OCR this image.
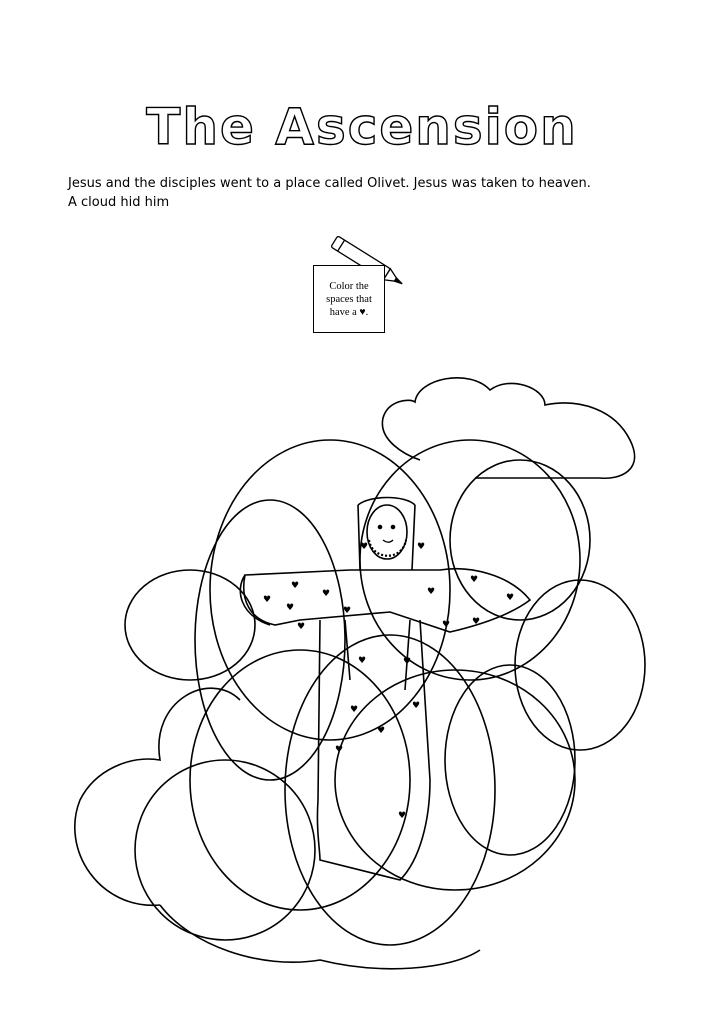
The Ascension
Jesus and the disciples went to a place called Olivet. Jesus was taken to heaven.
A cloud hid him
Color the
spaces that
have a ♥.
♥
♥
♥
♥
♥
♥
♥	♥
♥
♥
♥
♥
♥
♥
♥
♥
♥ ♥
♥
♥
